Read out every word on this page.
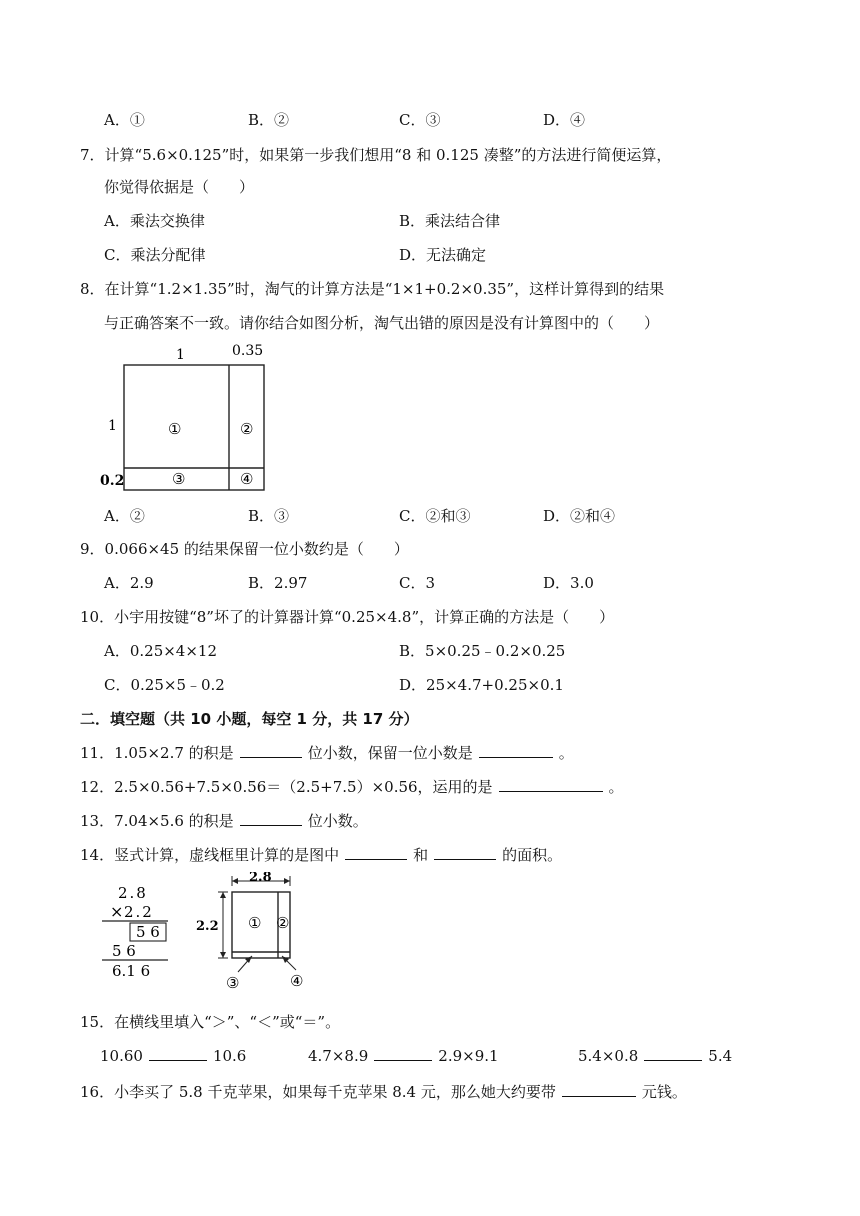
A．①	B．②	C．③	D．④
7．计算“5.6×0.125”时，如果第一步我们想用“8 和 0.125 凑整”的方法进行简便运算，
你觉得依据是（　　）
A．乘法交换律	B．乘法结合律
C．乘法分配律	D．无法确定
8．在计算“1.2×1.35”时，淘气的计算方法是“1×1+0.2×0.35”，这样计算得到的结果
与正确答案不一致。请你结合如图分析，淘气出错的原因是没有计算图中的（　　）
1	0.35
1
0.2
①	②
③	④
A．②	B．③	C．②和③	D．②和④
9．0.066×45 的结果保留一位小数约是（　　）
A．2.9	B．2.97	C．3	D．3.0
10．小宇用按键“8”坏了的计算器计算“0.25×4.8”，计算正确的方法是（　　）
A．0.25×4×12	B．5×0.25﹣0.2×0.25
C．0.25×5﹣0.2	D．25×4.7+0.25×0.1
二．填空题（共 10 小题，每空 1 分，共 17 分）
11．1.05×2.7 的积是	位小数，保留一位小数是	。
12．2.5×0.56+7.5×0.56＝（2.5+7.5）×0.56，运用的是	。
13．7.04×5.6 的积是	位小数。
14．竖式计算，虚线框里计算的是图中	和	的面积。
2.8
× 2.2
5 6
5 6
6.1 6
2.8
2.2 ① ②
③	④
15．在横线里填入“＞”、“＜”或“＝”。
10.60	10.6	4.7×8.9	2.9×9.1	5.4×0.8	5.4
16．小李买了 5.8 千克苹果，如果每千克苹果 8.4 元，那么她大约要带	元钱。
